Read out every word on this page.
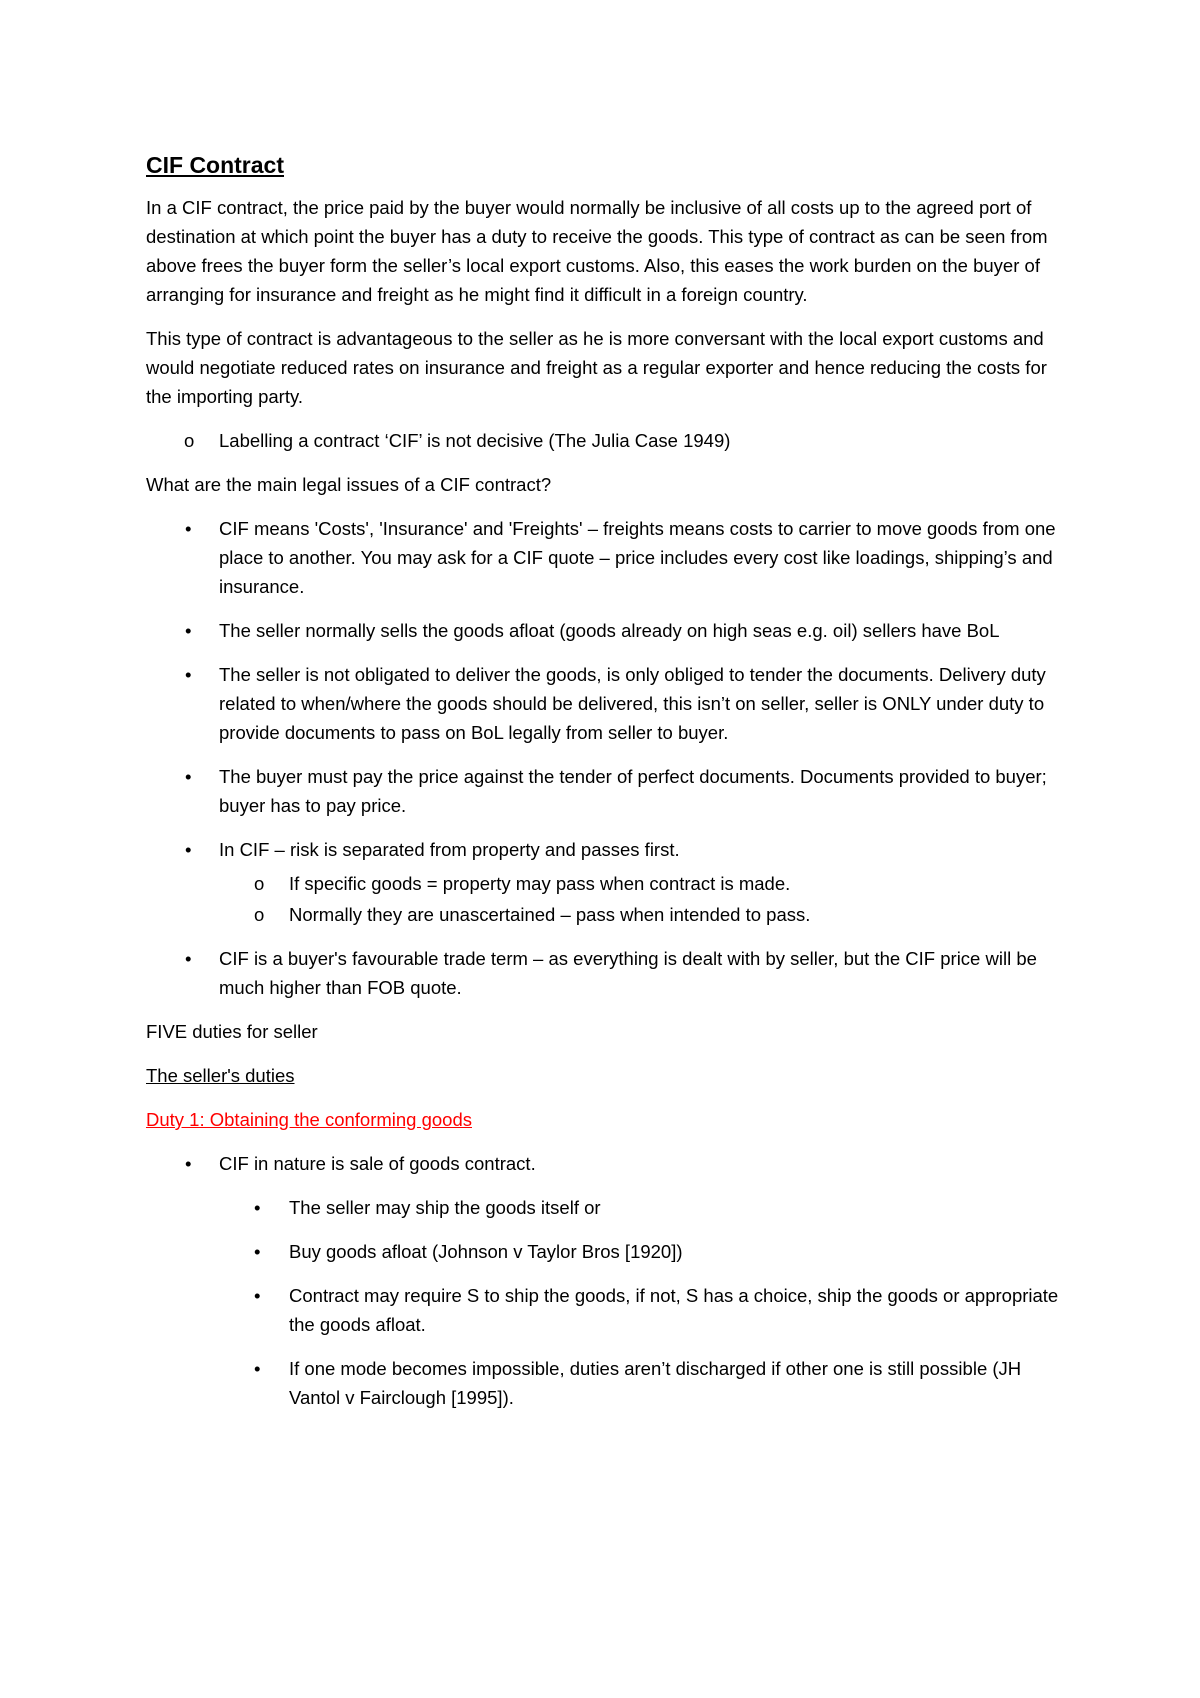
CIF Contract

In a CIF contract, the price paid by the buyer would normally be inclusive of all costs up to the agreed port of destination at which point the buyer has a duty to receive the goods. This type of contract as can be seen from above frees the buyer form the seller’s local export customs. Also, this eases the work burden on the buyer of arranging for insurance and freight as he might find it difficult in a foreign country.

This type of contract is advantageous to the seller as he is more conversant with the local export customs and would negotiate reduced rates on insurance and freight as a regular exporter and hence reducing the costs for the importing party.

o Labelling a contract ‘CIF’ is not decisive (The Julia Case 1949)

What are the main legal issues of a CIF contract?

• CIF means 'Costs', 'Insurance' and 'Freights' – freights means costs to carrier to move goods from one place to another. You may ask for a CIF quote – price includes every cost like loadings, shipping’s and insurance.
• The seller normally sells the goods afloat (goods already on high seas e.g. oil) sellers have BoL
• The seller is not obligated to deliver the goods, is only obliged to tender the documents. Delivery duty related to when/where the goods should be delivered, this isn’t on seller, seller is ONLY under duty to provide documents to pass on BoL legally from seller to buyer.
• The buyer must pay the price against the tender of perfect documents. Documents provided to buyer; buyer has to pay price.
• In CIF – risk is separated from property and passes first.
o If specific goods = property may pass when contract is made.
o Normally they are unascertained – pass when intended to pass.
• CIF is a buyer's favourable trade term – as everything is dealt with by seller, but the CIF price will be much higher than FOB quote.

FIVE duties for seller

The seller's duties

Duty 1: Obtaining the conforming goods

• CIF in nature is sale of goods contract.
• The seller may ship the goods itself or
• Buy goods afloat (Johnson v Taylor Bros [1920])
• Contract may require S to ship the goods, if not, S has a choice, ship the goods or appropriate the goods afloat.
• If one mode becomes impossible, duties aren’t discharged if other one is still possible (JH Vantol v Fairclough [1995]).
